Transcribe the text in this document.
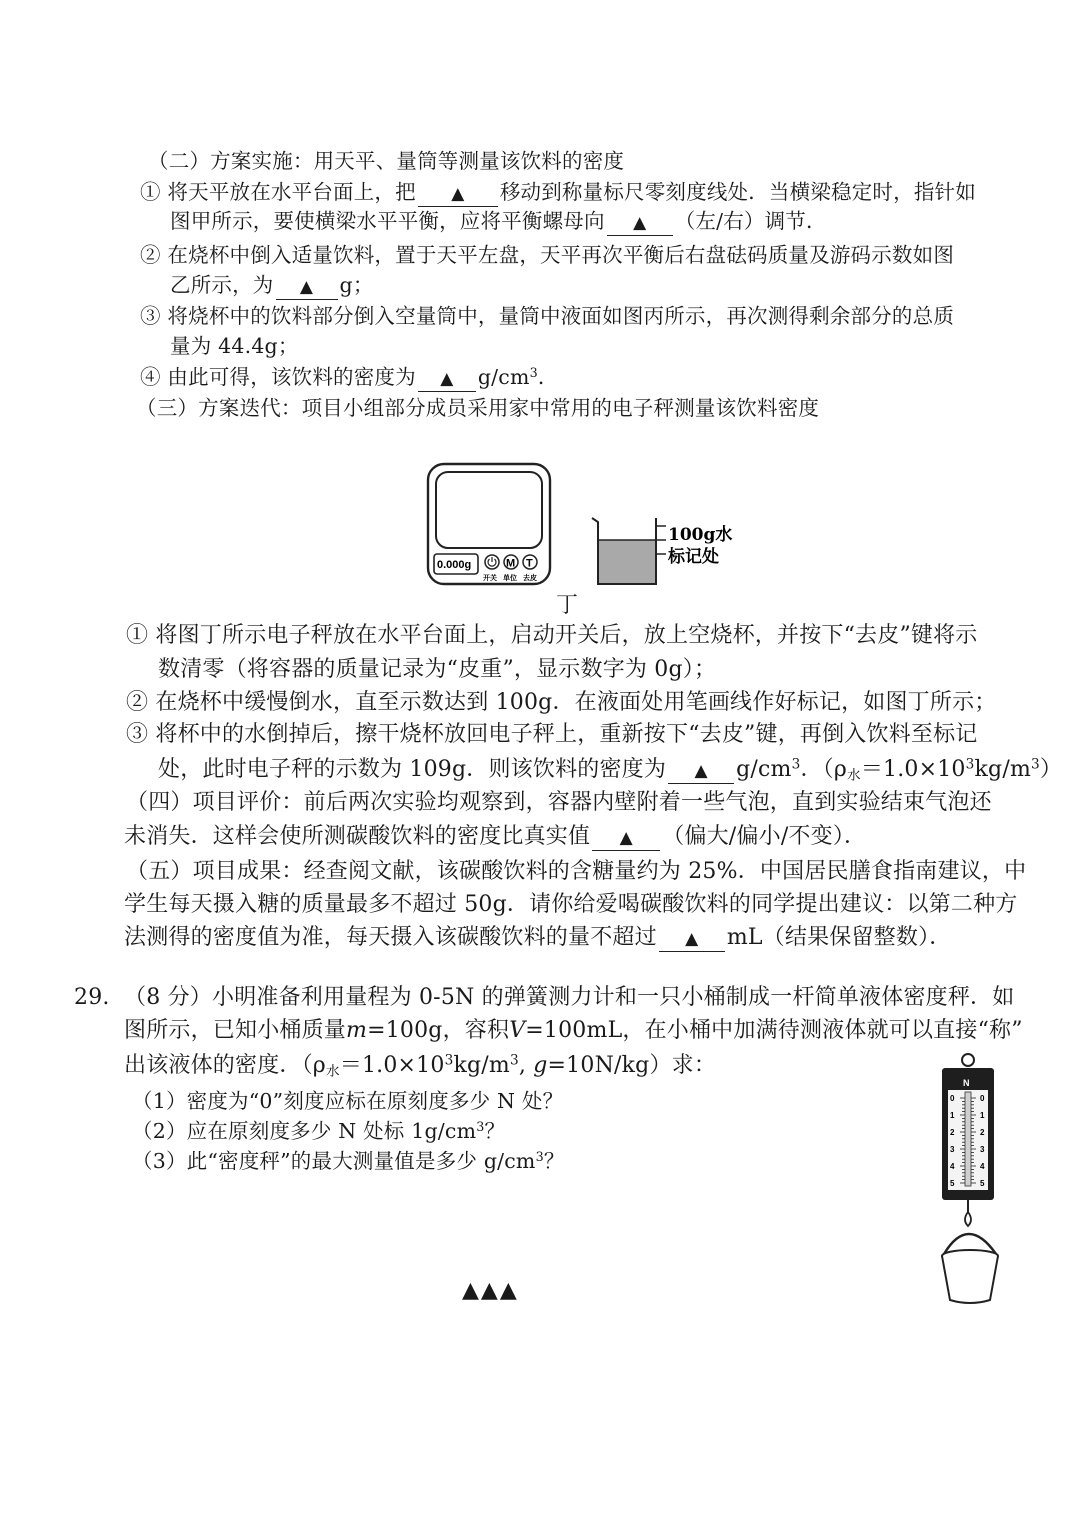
（二）方案实施：用天平、量筒等测量该饮料的密度
① 将天平放在水平台面上，把 ▲ 移动到称量标尺零刻度线处．当横梁稳定时，指针如
图甲所示，要使横梁水平平衡，应将平衡螺母向 ▲ （左/右）调节．
② 在烧杯中倒入适量饮料，置于天平左盘，天平再次平衡后右盘砝码质量及游码示数如图
乙所示，为 ▲ g；
③ 将烧杯中的饮料部分倒入空量筒中，量筒中液面如图丙所示，再次测得剩余部分的总质
量为 44.4g；
④ 由此可得，该饮料的密度为 ▲ $g/cm^3$．
（三）方案迭代：项目小组部分成员采用家中常用的电子秤测量该饮料密度
0.000g	M T
开关 单位 去皮
100g水
标记处
丁
① 将图丁所示电子秤放在水平台面上，启动开关后，放上空烧杯，并按下“去皮”键将示
数清零（将容器的质量记录为“皮重”，显示数字为 0g）；
② 在烧杯中缓慢倒水，直至示数达到 100g．在液面处用笔画线作好标记，如图丁所示；
③ 将杯中的水倒掉后，擦干烧杯放回电子秤上，重新按下“去皮”键，再倒入饮料至标记
处，此时电子秤的示数为 109g．则该饮料的密度为 ▲ $g/cm^3$．$(\rho_水=1.0\times 10^3kg/m^3)$
（四）项目评价：前后两次实验均观察到，容器内壁附着一些气泡，直到实验结束气泡还
未消失．这样会使所测碳酸饮料的密度比真实值 ▲ （偏大/偏小/不变）．
（五）项目成果：经查阅文献，该碳酸饮料的含糖量约为 25%．中国居民膳食指南建议，中
学生每天摄入糖的质量最多不超过 50g．请你给爱喝碳酸饮料的同学提出建议：以第二种方
法测得的密度值为准，每天摄入该碳酸饮料的量不超过 ▲ mL（结果保留整数）．
29. （8 分）小明准备利用量程为 0-5N 的弹簧测力计和一只小桶制成一杆简单液体密度秤．如
图所示，已知小桶质量m=100g，容积V=100mL，在小桶中加满待测液体就可以直接“称”
出该液体的密度．（$\rho_水=1.0\times 10^3kg/m^3$, g=10N/kg）求：
（1）密度为“0”刻度应标在原刻度多少 N 处？
（2）应在原刻度多少 N 处标 $1g/cm^3$？
（3）此“密度秤”的最大测量值是多少 $g/cm^3$？
N
0	0
1	1
2	2
3	3
4	4
5	5
▲▲▲
